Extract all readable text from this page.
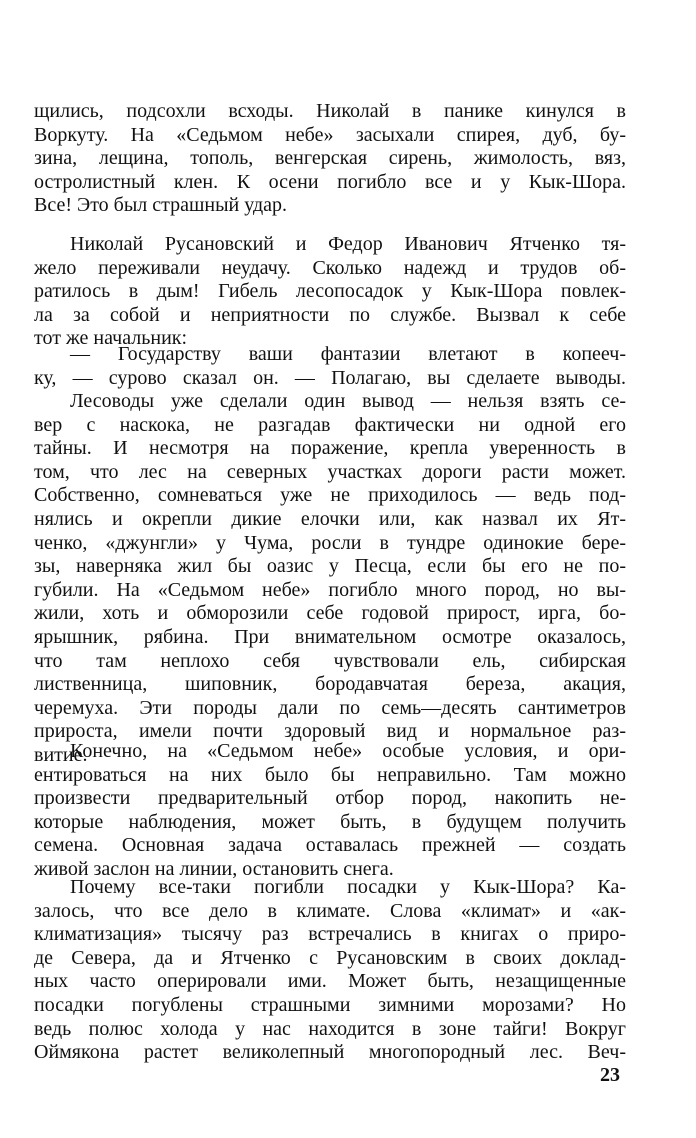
щились, подсохли всходы. Николай в панике кинулся в
Воркуту. На «Седьмом небе» засыхали спирея, дуб, бу-
зина, лещина, тополь, венгерская сирень, жимолость, вяз,
остролистный клен. К осени погибло все и у Кык-Шора.
Все! Это был страшный удар.
Николай Русановский и Федор Иванович Ятченко тя-
жело переживали неудачу. Сколько надежд и трудов об-
ратилось в дым! Гибель лесопосадок у Кык-Шора повлек-
ла за собой и неприятности по службе. Вызвал к себе
тот же начальник:
— Государству ваши фантазии влетают в копееч-
ку, — сурово сказал он. — Полагаю, вы сделаете выводы.
Лесоводы уже сделали один вывод — нельзя взять се-
вер с наскока, не разгадав фактически ни одной его
тайны. И несмотря на поражение, крепла уверенность в
том, что лес на северных участках дороги расти может.
Собственно, сомневаться уже не приходилось — ведь под-
нялись и окрепли дикие елочки или, как назвал их Ят-
ченко, «джунгли» у Чума, росли в тундре одинокие бере-
зы, наверняка жил бы оазис у Песца, если бы его не по-
губили. На «Седьмом небе» погибло много пород, но вы-
жили, хоть и обморозили себе годовой прирост, ирга, бо-
ярышник, рябина. При внимательном осмотре оказалось,
что там неплохо себя чувствовали ель, сибирская
лиственница, шиповник, бородавчатая береза, акация,
черемуха. Эти породы дали по семь—десять сантиметров
прироста, имели почти здоровый вид и нормальное раз-
витие.
Конечно, на «Седьмом небе» особые условия, и ори-
ентироваться на них было бы неправильно. Там можно
произвести предварительный отбор пород, накопить не-
которые наблюдения, может быть, в будущем получить
семена. Основная задача оставалась прежней — создать
живой заслон на линии, остановить снега.
Почему все-таки погибли посадки у Кык-Шора? Ка-
залось, что все дело в климате. Слова «климат» и «ак-
климатизация» тысячу раз встречались в книгах о приро-
де Севера, да и Ятченко с Русановским в своих доклад-
ных часто оперировали ими. Может быть, незащищенные
посадки погублены страшными зимними морозами? Но
ведь полюс холода у нас находится в зоне тайги! Вокруг
Оймякона растет великолепный многопородный лес. Веч-
23
